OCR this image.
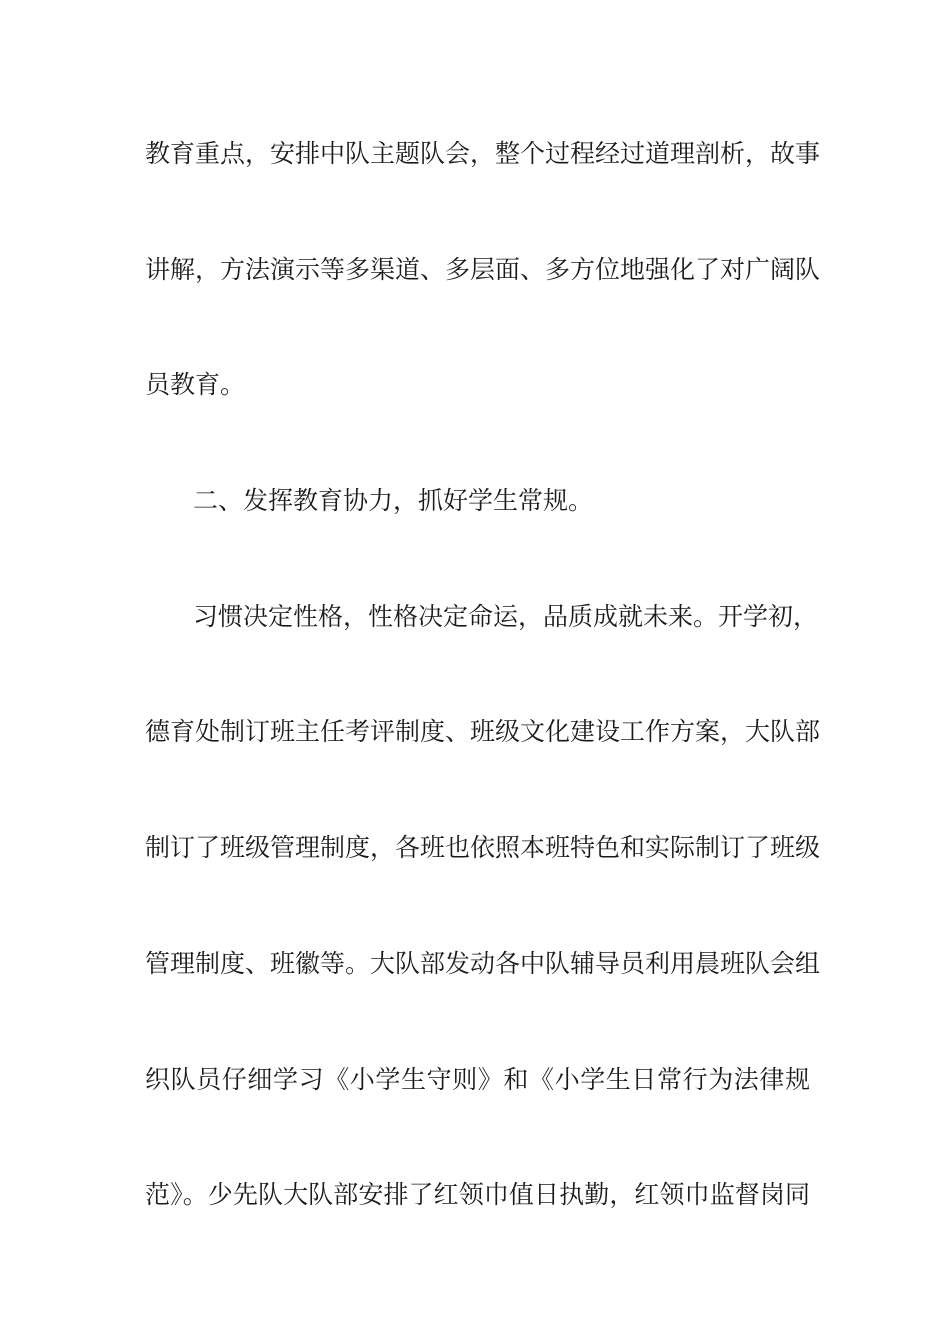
教育重点，安排中队主题队会，整个过程经过道理剖析，故事
讲解，方法演示等多渠道、多层面、多方位地强化了对广阔队
员教育。
二、发挥教育协力，抓好学生常规。
习惯决定性格，性格决定命运，品质成就未来。开学初，
德育处制订班主任考评制度、班级文化建设工作方案，大队部
制订了班级管理制度，各班也依照本班特色和实际制订了班级
管理制度、班徽等。大队部发动各中队辅导员利用晨班队会组
织队员仔细学习《小学生守则》和《小学生日常行为法律规
范》。少先队大队部安排了红领巾值日执勤，红领巾监督岗同
